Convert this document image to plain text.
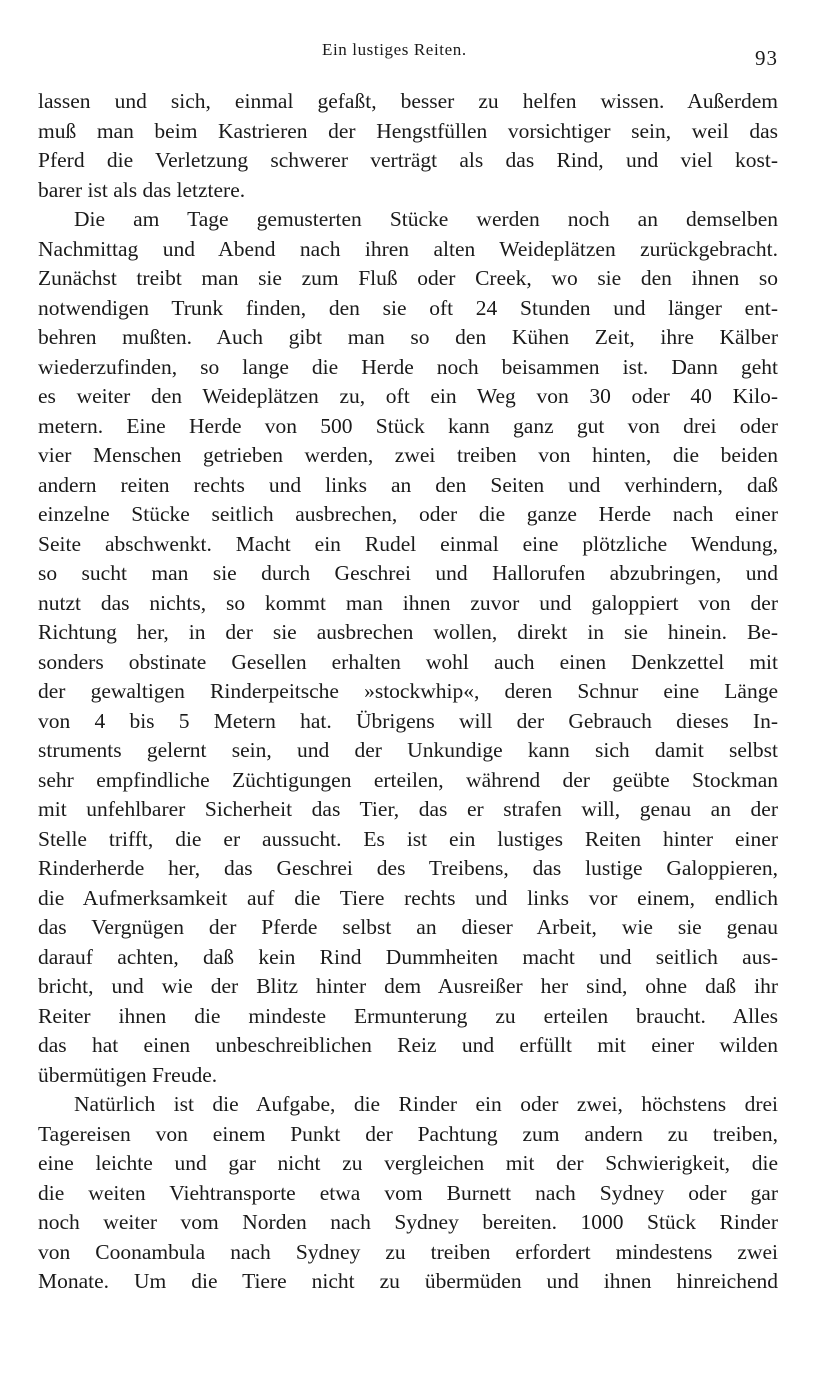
Ein lustiges Reiten.	93
lassen und sich, einmal gefaßt, besser zu helfen wissen. Außerdem
muß man beim Kastrieren der Hengstfüllen vorsichtiger sein, weil das
Pferd die Verletzung schwerer verträgt als das Rind, und viel kost-
barer ist als das letztere.
Die am Tage gemusterten Stücke werden noch an demselben
Nachmittag und Abend nach ihren alten Weideplätzen zurückgebracht.
Zunächst treibt man sie zum Fluß oder Creek, wo sie den ihnen so
notwendigen Trunk finden, den sie oft 24 Stunden und länger ent-
behren mußten. Auch gibt man so den Kühen Zeit, ihre Kälber
wiederzufinden, so lange die Herde noch beisammen ist. Dann geht
es weiter den Weideplätzen zu, oft ein Weg von 30 oder 40 Kilo-
metern. Eine Herde von 500 Stück kann ganz gut von drei oder
vier Menschen getrieben werden, zwei treiben von hinten, die beiden
andern reiten rechts und links an den Seiten und verhindern, daß
einzelne Stücke seitlich ausbrechen, oder die ganze Herde nach einer
Seite abschwenkt. Macht ein Rudel einmal eine plötzliche Wendung,
so sucht man sie durch Geschrei und Hallorufen abzubringen, und
nutzt das nichts, so kommt man ihnen zuvor und galoppiert von der
Richtung her, in der sie ausbrechen wollen, direkt in sie hinein. Be-
sonders obstinate Gesellen erhalten wohl auch einen Denkzettel mit
der gewaltigen Rinderpeitsche »stockwhip«, deren Schnur eine Länge
von 4 bis 5 Metern hat. Übrigens will der Gebrauch dieses In-
struments gelernt sein, und der Unkundige kann sich damit selbst
sehr empfindliche Züchtigungen erteilen, während der geübte Stockman
mit unfehlbarer Sicherheit das Tier, das er strafen will, genau an der
Stelle trifft, die er aussucht. Es ist ein lustiges Reiten hinter einer
Rinderherde her, das Geschrei des Treibens, das lustige Galoppieren,
die Aufmerksamkeit auf die Tiere rechts und links vor einem, endlich
das Vergnügen der Pferde selbst an dieser Arbeit, wie sie genau
darauf achten, daß kein Rind Dummheiten macht und seitlich aus-
bricht, und wie der Blitz hinter dem Ausreißer her sind, ohne daß ihr
Reiter ihnen die mindeste Ermunterung zu erteilen braucht. Alles
das hat einen unbeschreiblichen Reiz und erfüllt mit einer wilden
übermütigen Freude.
Natürlich ist die Aufgabe, die Rinder ein oder zwei, höchstens drei
Tagereisen von einem Punkt der Pachtung zum andern zu treiben,
eine leichte und gar nicht zu vergleichen mit der Schwierigkeit, die
die weiten Viehtransporte etwa vom Burnett nach Sydney oder gar
noch weiter vom Norden nach Sydney bereiten. 1000 Stück Rinder
von Coonambula nach Sydney zu treiben erfordert mindestens zwei
Monate. Um die Tiere nicht zu übermüden und ihnen hinreichend
